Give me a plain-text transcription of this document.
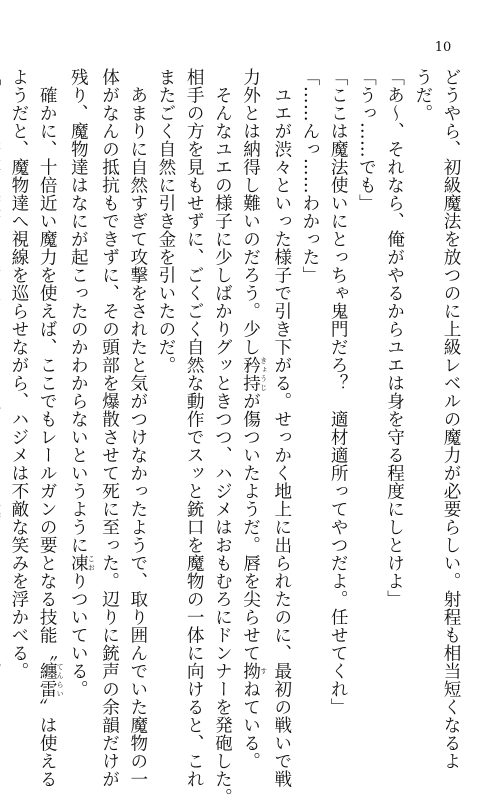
10

どうやら、初級魔法を放つのに上級レベルの魔力が必要らしい。射程も相当短くなるよ

うだ。

「あ〜、それなら、俺がやるからユエは身を守る程度にしとけよ」

「うっ……でも」

「ここは魔法使いにとっちゃ鬼門だろ？　適材適所ってやつだよ。任せてくれ」

「……んっ……わかった」

　ユエが渋々といった様子で引き下がる。せっかく地上に出られたのに、最初の戦いで戦

力外とは納得し難いのだろう。少し矜持 きょうじが傷ついたようだ。唇を尖らせて拗 すねている。

　そんなユエの様子に少しばかりグッときつつ、ハジメはおもむろにドンナーを発砲した。

相手の方を見もせずに、ごくごく自然な動作でスッと銃口を魔物の一体に向けると、これ

またごく自然に引き金を引いたのだ。

　あまりに自然すぎて攻撃をされたと気がつけなかったようで、取り囲んでいた魔物の一

体がなんの抵抗もできずに、その頭部を爆散させて死に至った。辺りに銃声の余韻だけが

残り、魔物達はなにが起こったのかわからないというように凍 こおりついている。

　確かに、十倍近い魔力を使えば、ここでもレールガンの要となる技能〝纏雷 てんらい〟は使える

ようだと、魔物達へ視線を巡らせながら、ハジメは不敵な笑みを浮かべる。
